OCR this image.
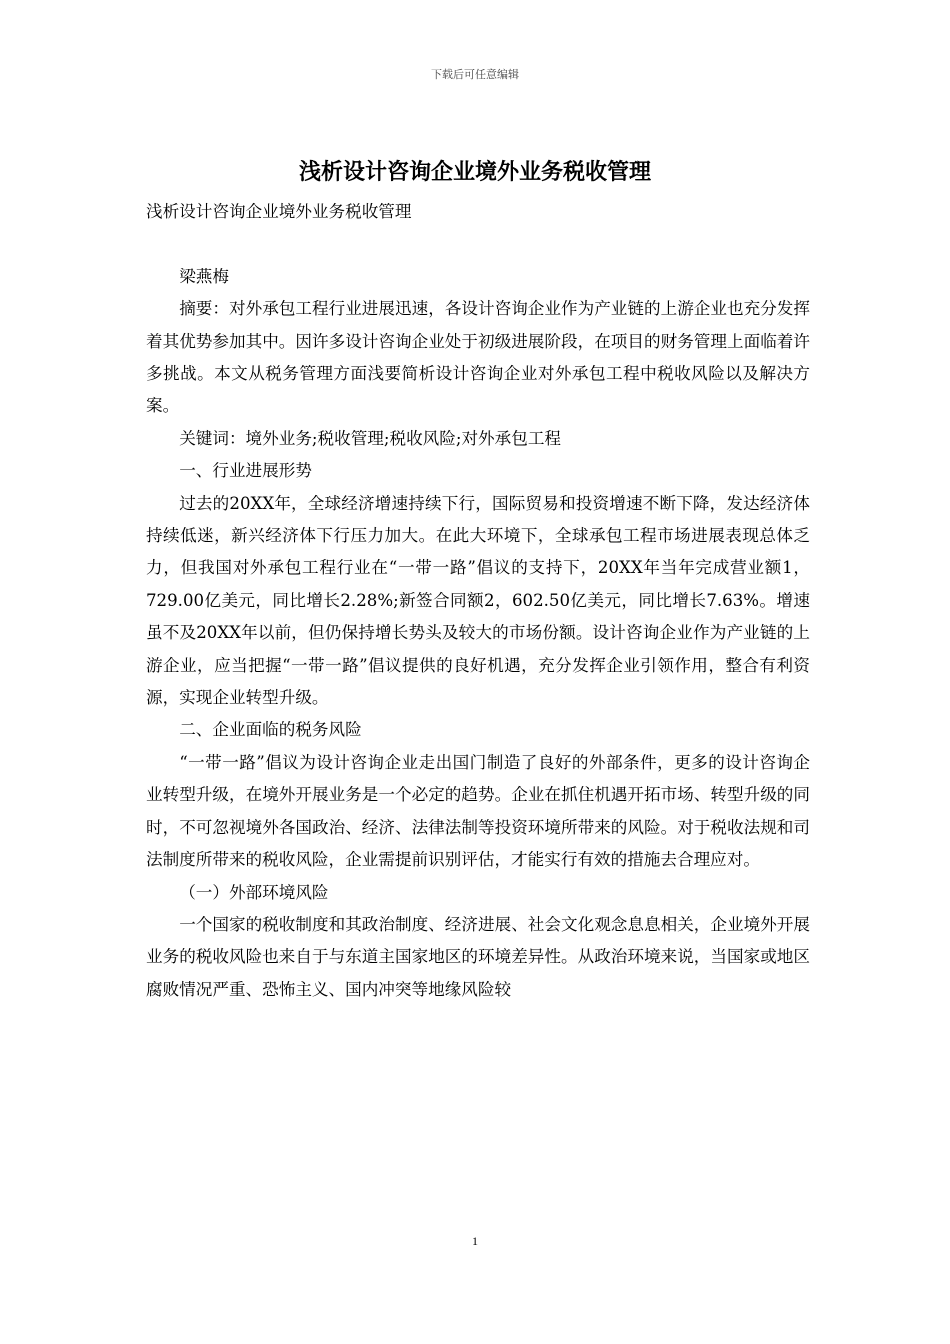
下载后可任意编辑
浅析设计咨询企业境外业务税收管理

浅析设计咨询企业境外业务税收管理

梁燕梅

摘要：对外承包工程行业进展迅速，各设计咨询企业作为产业链的上游企业也充分发挥着其优势参加其中。因许多设计咨询企业处于初级进展阶段，在项目的财务管理上面临着许多挑战。本文从税务管理方面浅要简析设计咨询企业对外承包工程中税收风险以及解决方案。

关键词：境外业务;税收管理;税收风险;对外承包工程

一、行业进展形势

过去的20XX年，全球经济增速持续下行，国际贸易和投资增速不断下降，发达经济体持续低迷，新兴经济体下行压力加大。在此大环境下，全球承包工程市场进展表现总体乏力，但我国对外承包工程行业在“一带一路”倡议的支持下，20XX年当年完成营业额1，729.00亿美元，同比增长2.28%;新签合同额2，602.50亿美元，同比增长7.63%。增速虽不及20XX年以前，但仍保持增长势头及较大的市场份额。设计咨询企业作为产业链的上游企业，应当把握“一带一路”倡议提供的良好机遇，充分发挥企业引领作用，整合有利资源，实现企业转型升级。

二、企业面临的税务风险

“一带一路”倡议为设计咨询企业走出国门制造了良好的外部条件，更多的设计咨询企业转型升级，在境外开展业务是一个必定的趋势。企业在抓住机遇开拓市场、转型升级的同时，不可忽视境外各国政治、经济、法律法制等投资环境所带来的风险。对于税收法规和司法制度所带来的税收风险，企业需提前识别评估，才能实行有效的措施去合理应对。

（一）外部环境风险

一个国家的税收制度和其政治制度、经济进展、社会文化观念息息相关，企业境外开展业务的税收风险也来自于与东道主国家地区的环境差异性。从政治环境来说，当国家或地区腐败情况严重、恐怖主义、国内冲突等地缘风险较

1
